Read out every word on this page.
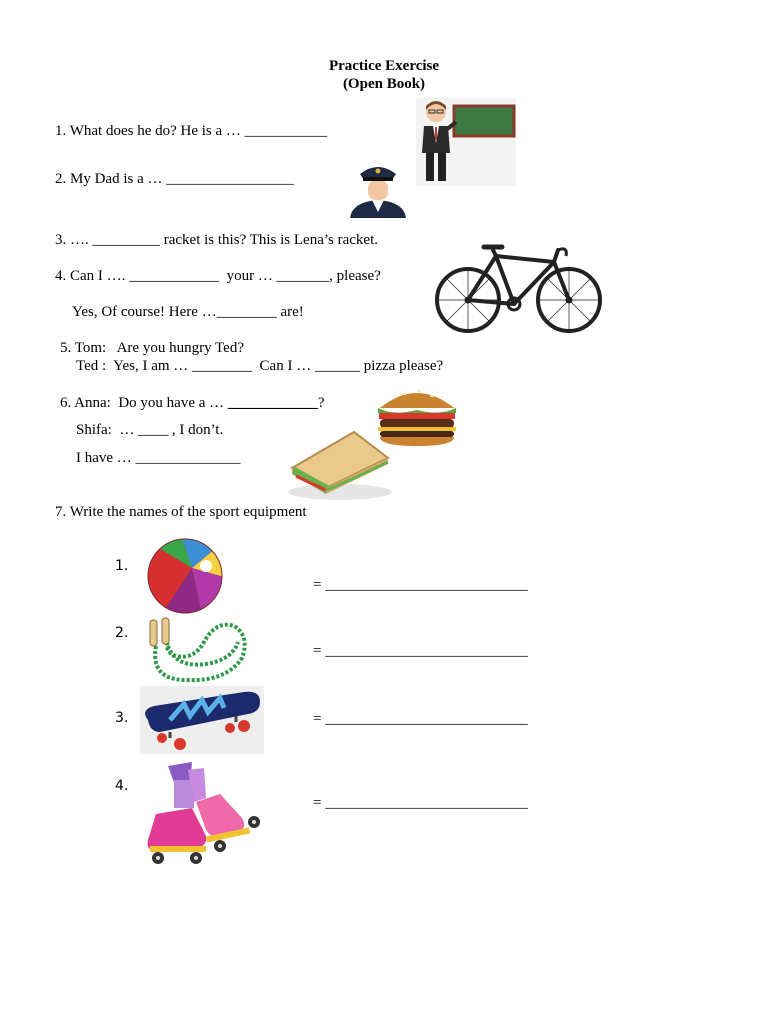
Practice Exercise
(Open Book)
1. What does he do? He is a … ___________
2. My Dad is a … _________________
3. …. _________ racket is this? This is Lena’s racket.
4. Can I …. ____________  your … _______, please?
Yes, Of course! Here …________ are!
5. Tom:   Are you hungry Ted?
Ted :  Yes, I am … ________  Can I … ______ pizza please?
6. Anna:  Do you have a … ____________?
Shifa:  … ____ , I don’t.
I have … ______________
7. Write the names of the sport equipment
1.
= ___________________________
2.
= ___________________________
3.	= ___________________________
4.
= ___________________________
